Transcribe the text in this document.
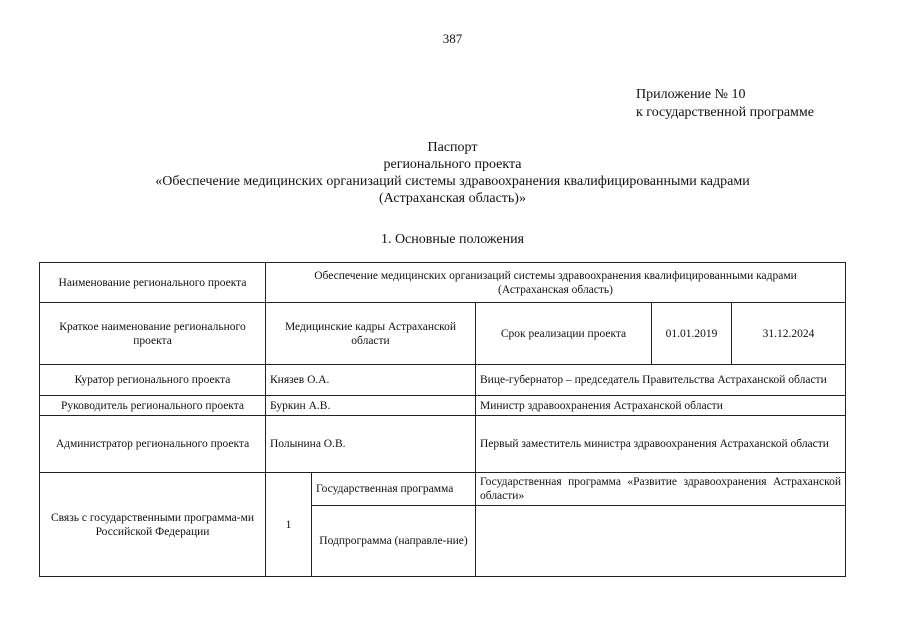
387
Приложение № 10
к государственной программе
Паспорт
регионального проекта
«Обеспечение медицинских организаций системы здравоохранения квалифицированными кадрами
(Астраханская область)»
1. Основные положения
Наименование регионального проекта	Обеспечение медицинских организаций системы здравоохранения квалифицированными кадрами
(Астраханская область)				

Краткое наименование регионального проекта	Медицинские кадры Астраханской области		Срок реализации проекта	01.01.2019	31.12.2024
Куратор регионального проекта	Князев О.А.		Вице-губернатор – председатель Правительства Астраханской области		
Руководитель регионального проекта	Буркин А.В.		Министр здравоохранения Астраханской области		
Администратор регионального проекта	Полынина О.В.		Первый заместитель министра здравоохранения Астраханской области		
Связь с государственными программа-ми Российской Федерации	1	Государственная программа	Государственная программа «Развитие здравоохранения Астраханской области»		
		Подпрограмма (направле-ние)			
